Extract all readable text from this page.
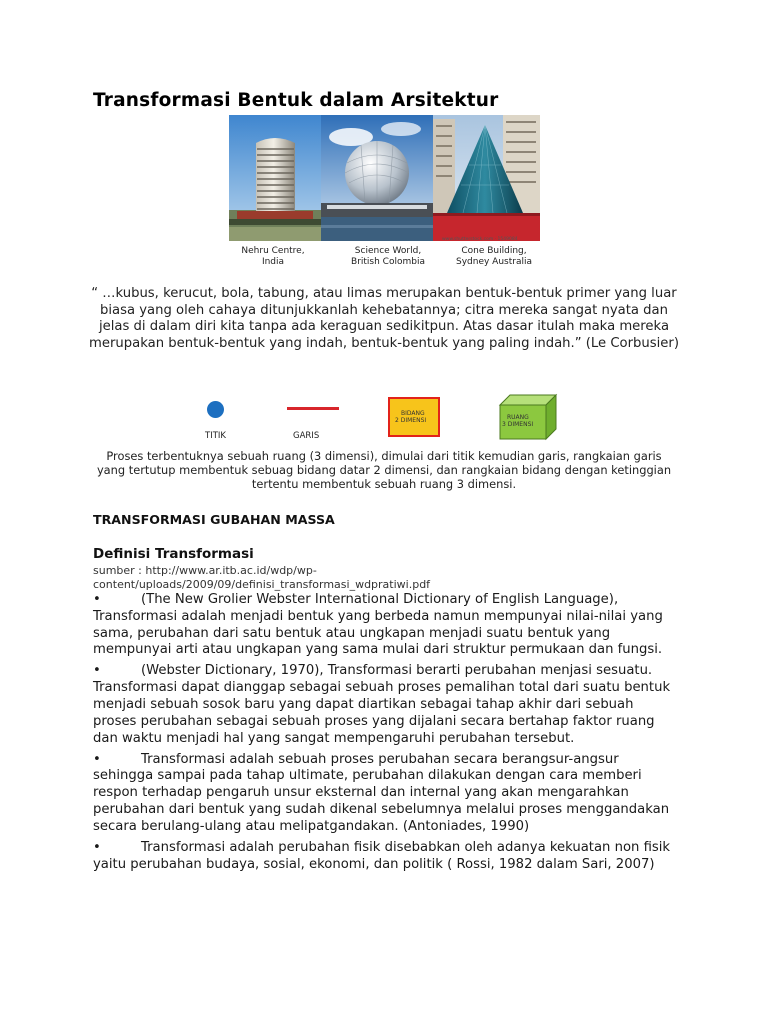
Transformasi Bentuk dalam Arsitektur
www.shutterstock.com · 1549084
Nehru Centre,
India
Science World,
British Colombia
Cone Building,
Sydney Australia
“ …kubus, kerucut, bola, tabung, atau limas merupakan bentuk-bentuk primer yang luar biasa yang oleh cahaya ditunjukkanlah kehebatannya; citra mereka sangat nyata dan jelas di dalam diri kita tanpa ada keraguan sedikitpun. Atas dasar itulah maka mereka merupakan bentuk-bentuk yang indah, bentuk-bentuk yang paling indah.” (Le Corbusier)
TITIK	GARIS
BIDANG
2 DIMENSI	RUANG
3 DIMENSI
Proses terbentuknya sebuah ruang (3 dimensi), dimulai dari titik kemudian garis, rangkaian garis yang tertutup membentuk sebuag bidang datar 2 dimensi, dan rangkaian bidang dengan ketinggian tertentu membentuk sebuah ruang 3 dimensi.
TRANSFORMASI GUBAHAN MASSA
Definisi Transformasi
sumber : http://www.ar.itb.ac.id/wdp/wp-content/uploads/2009/09/definisi_transformasi_wdpratiwi.pdf
•	(The New Grolier Webster International Dictionary of English Language), Transformasi adalah menjadi bentuk yang berbeda namun mempunyai nilai-nilai yang sama, perubahan dari satu bentuk atau ungkapan menjadi suatu bentuk yang mempunyai arti atau ungkapan yang sama mulai dari struktur permukaan dan fungsi.
•	(Webster Dictionary, 1970), Transformasi berarti perubahan menjasi sesuatu. Transformasi dapat dianggap sebagai sebuah proses pemalihan total dari suatu bentuk menjadi sebuah sosok baru yang dapat diartikan sebagai tahap akhir dari sebuah proses perubahan sebagai sebuah proses yang dijalani secara bertahap faktor ruang dan waktu menjadi hal yang sangat mempengaruhi perubahan tersebut.
•	Transformasi adalah sebuah proses perubahan secara berangsur-angsur sehingga sampai pada tahap ultimate, perubahan dilakukan dengan cara memberi respon terhadap pengaruh unsur eksternal dan internal yang akan mengarahkan perubahan dari bentuk yang sudah dikenal sebelumnya melalui proses menggandakan secara berulang-ulang atau melipatgandakan. (Antoniades, 1990)
•	Transformasi adalah perubahan fisik disebabkan oleh adanya kekuatan non fisik yaitu perubahan budaya, sosial, ekonomi, dan politik ( Rossi, 1982 dalam Sari, 2007)
